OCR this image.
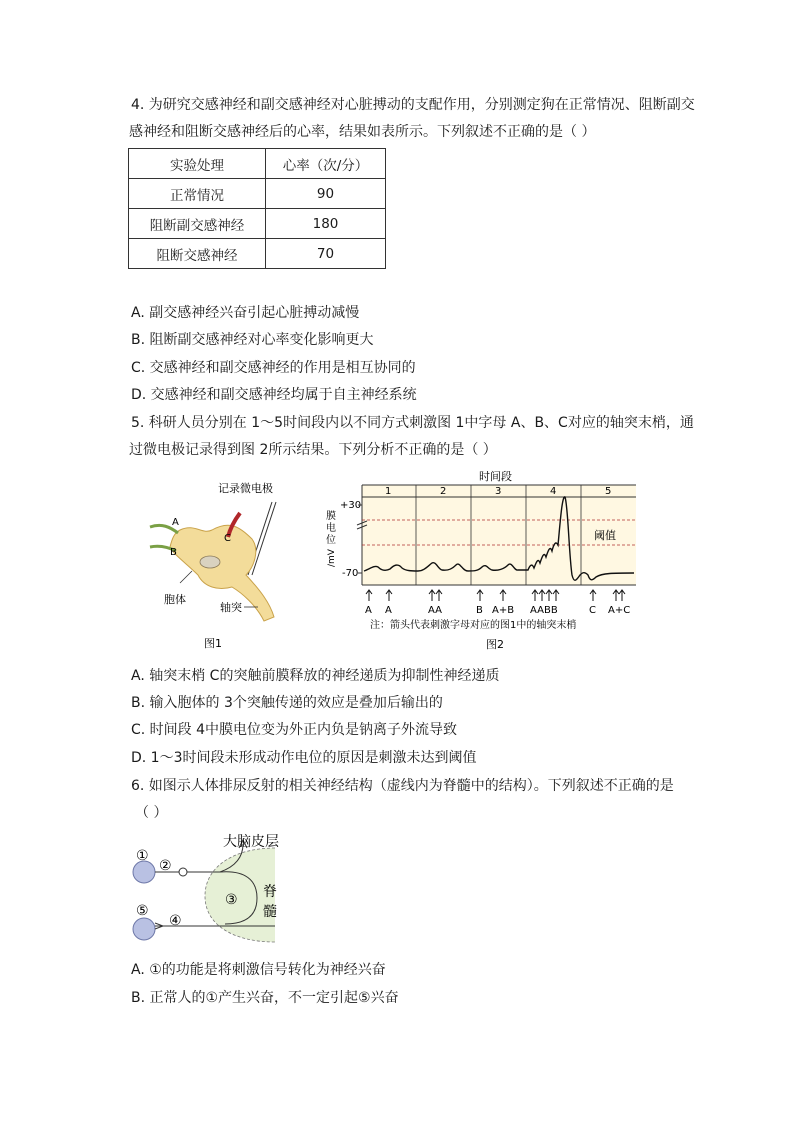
4. 为研究交感神经和副交感神经对心脏搏动的支配作用，分别测定狗在正常情况、阻断副交
感神经和阻断交感神经后的心率，结果如表所示。下列叙述不正确的是（ ）
实验处理	心率（次/分）
正常情况	90
阻断副交感神经	180
阻断交感神经	70
A. 副交感神经兴奋引起心脏搏动减慢
B. 阻断副交感神经对心率变化影响更大
C. 交感神经和副交感神经的作用是相互协同的
D. 交感神经和副交感神经均属于自主神经系统
5. 科研人员分别在 1～5时间段内以不同方式刺激图 1中字母 A、B、C对应的轴突末梢，通
过微电极记录得到图 2所示结果。下列分析不正确的是（ ）
记录微电极
A
B
C
胞体
轴突
图1
时间段
1	2	3	4	5
+30
-70
膜
电
位
/mV
阈值
A A	AA	B A+B AABB	C A+C
注：箭头代表刺激字母对应的图1中的轴突末梢
图2
A. 轴突末梢 C的突触前膜释放的神经递质为抑制性神经递质
B. 输入胞体的 3个突触传递的效应是叠加后输出的
C. 时间段 4中膜电位变为外正内负是钠离子外流导致
D. 1～3时间段未形成动作电位的原因是刺激未达到阈值
6. 如图示人体排尿反射的相关神经结构（虚线内为脊髓中的结构）。下列叙述不正确的是
（ ）
①
②
③
④
⑤
大脑皮层
脊
髓
A. ①的功能是将刺激信号转化为神经兴奋
B. 正常人的①产生兴奋，不一定引起⑤兴奋
